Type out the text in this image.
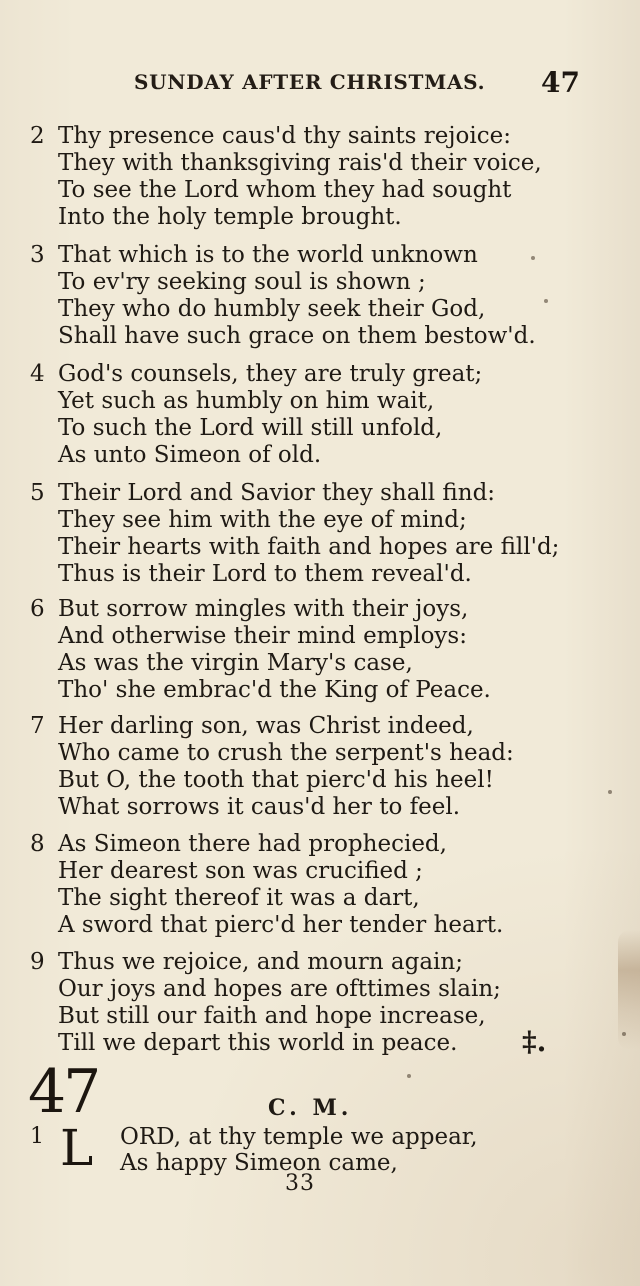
SUNDAY AFTER CHRISTMAS.	47
2 Thy presence caus'd thy saints rejoice:
They with thanksgiving rais'd their voice,
To see the Lord whom they had sought
Into the holy temple brought.
3 That which is to the world unknown
To ev'ry seeking soul is shown ;
They who do humbly seek their God,
Shall have such grace on them bestow'd.
4 God's counsels, they are truly great;
Yet such as humbly on him wait,
To such the Lord will still unfold,
As unto Simeon of old.
5 Their Lord and Savior they shall find:
They see him with the eye of mind;
Their hearts with faith and hopes are fill'd;
Thus is their Lord to them reveal'd.
6 But sorrow mingles with their joys,
And otherwise their mind employs:
As was the virgin Mary's case,
Tho' she embrac'd the King of Peace.
7 Her darling son, was Christ indeed,
Who came to crush the serpent's head:
But O, the tooth that pierc'd his heel!
What sorrows it caus'd her to feel.
8 As Simeon there had prophecied,
Her dearest son was crucified ;
The sight thereof it was a dart,
A sword that pierc'd her tender heart.
9 Thus we rejoice, and mourn again;
Our joys and hopes are ofttimes slain;
But still our faith and hope increase,
Till we depart this world in peace. ‡.
47	C. M.
1 L ORD, at thy temple we appear,
As happy Simeon came,
33
